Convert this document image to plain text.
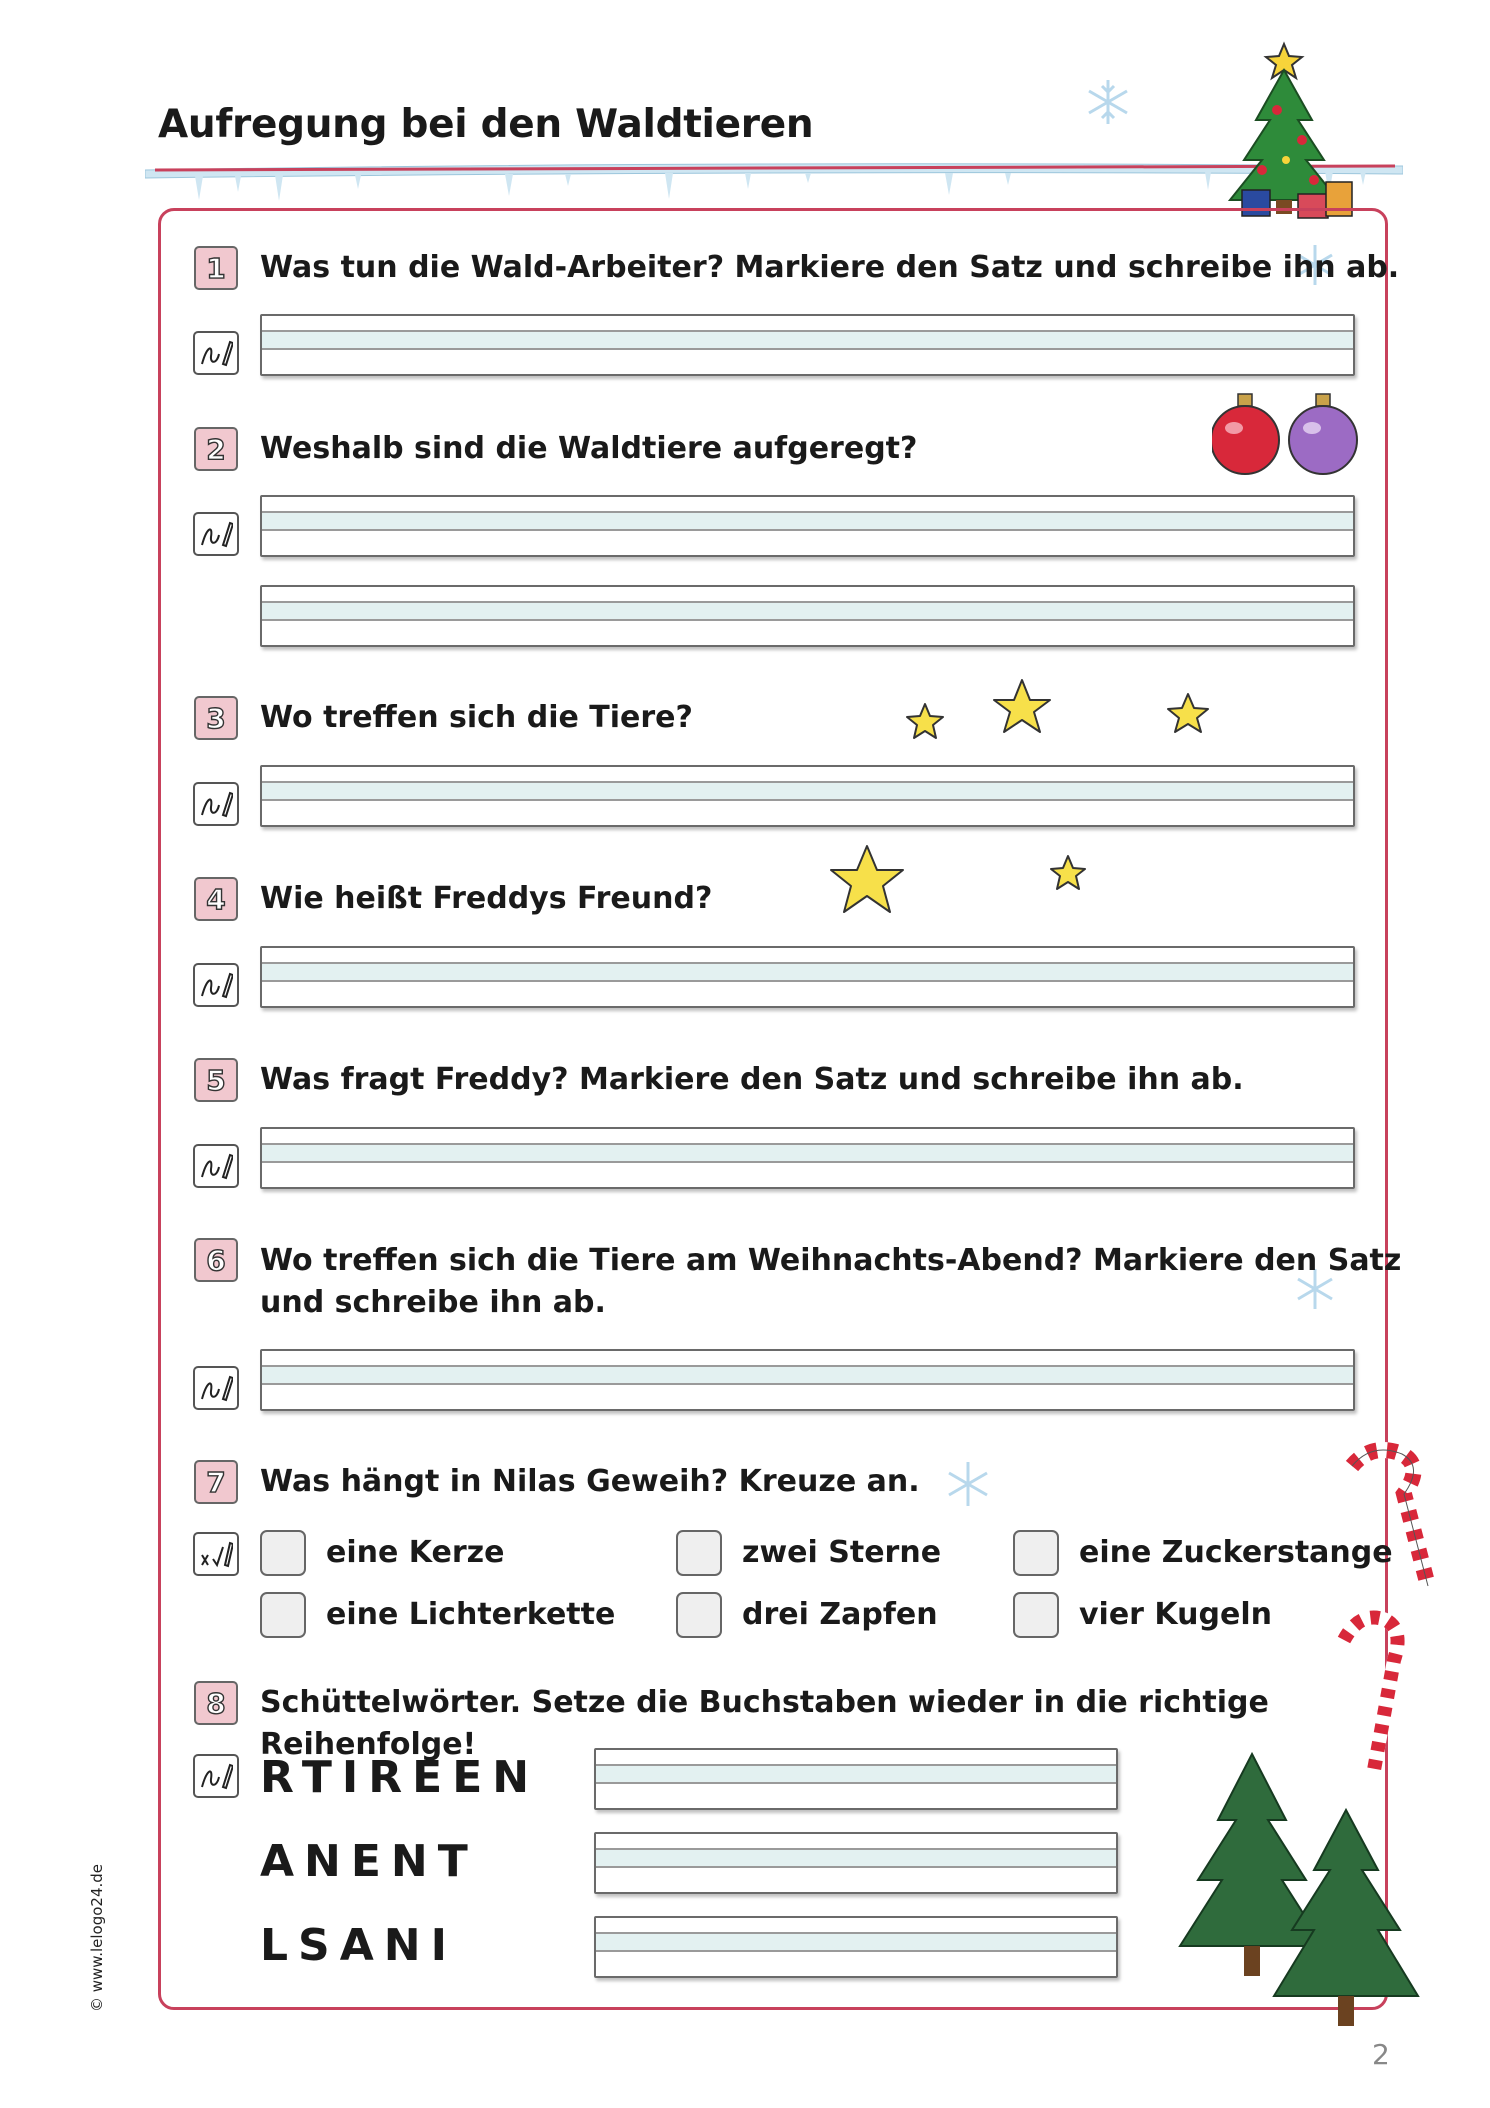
Aufregung bei den Waldtieren
1	Was tun die Wald-Arbeiter? Markiere den Satz und schreibe ihn ab.
2	Weshalb sind die Waldtiere aufgeregt?
3	Wo treffen sich die Tiere?
4	Wie heißt Freddys Freund?
5	Was fragt Freddy? Markiere den Satz und schreibe ihn ab.
6	Wo treffen sich die Tiere am Weihnachts-Abend? Markiere den Satz
und schreibe ihn ab.
7	Was hängt in Nilas Geweih? Kreuze an.
eine Kerze	zwei Sterne	eine Zuckerstange
eine Lichterkette	drei Zapfen	vier Kugeln
8	Schüttelwörter. Setze die Buchstaben wieder in die richtige Reihenfolge!
RTIREEN
ANENT
LSANI
© www.lelogo24.de
2
